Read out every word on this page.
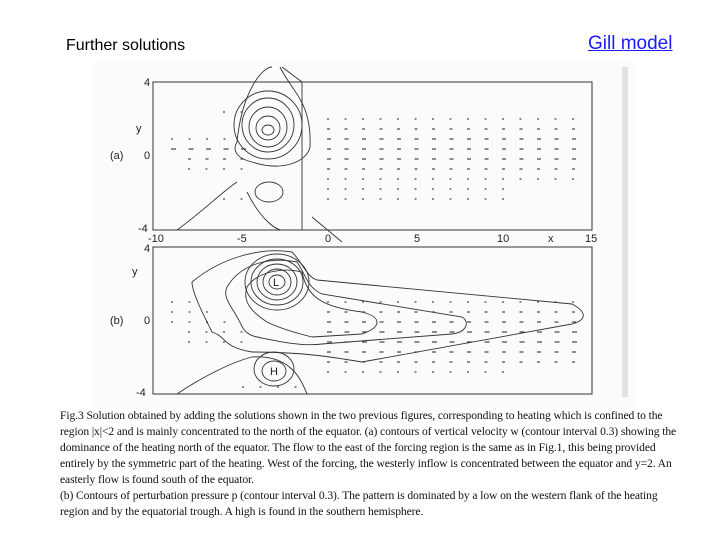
Further solutions	Gill model
(a)
y
4
0
-4
-10	-5	0	5	10	x	15
(b)
y
4
0
-4
L
H
Fig.3 Solution obtained by adding the solutions shown in the two previous figures, corresponding to heating which is confined to the region |x|<2 and is mainly concentrated to the north of the equator. (a) contours of vertical velocity w (contour interval 0.3) showing the dominance of the heating north of the equator. The flow to the east of the forcing region is the same as in Fig.1, this being provided entirely by the symmetric part of the heating. West of the forcing, the westerly inflow is concentrated between the equator and y=2. An easterly flow is found south of the equator.
(b) Contours of perturbation pressure p (contour interval 0.3). The pattern is dominated by a low on the western flank of the heating region and by the equatorial trough. A high is found in the southern hemisphere.
